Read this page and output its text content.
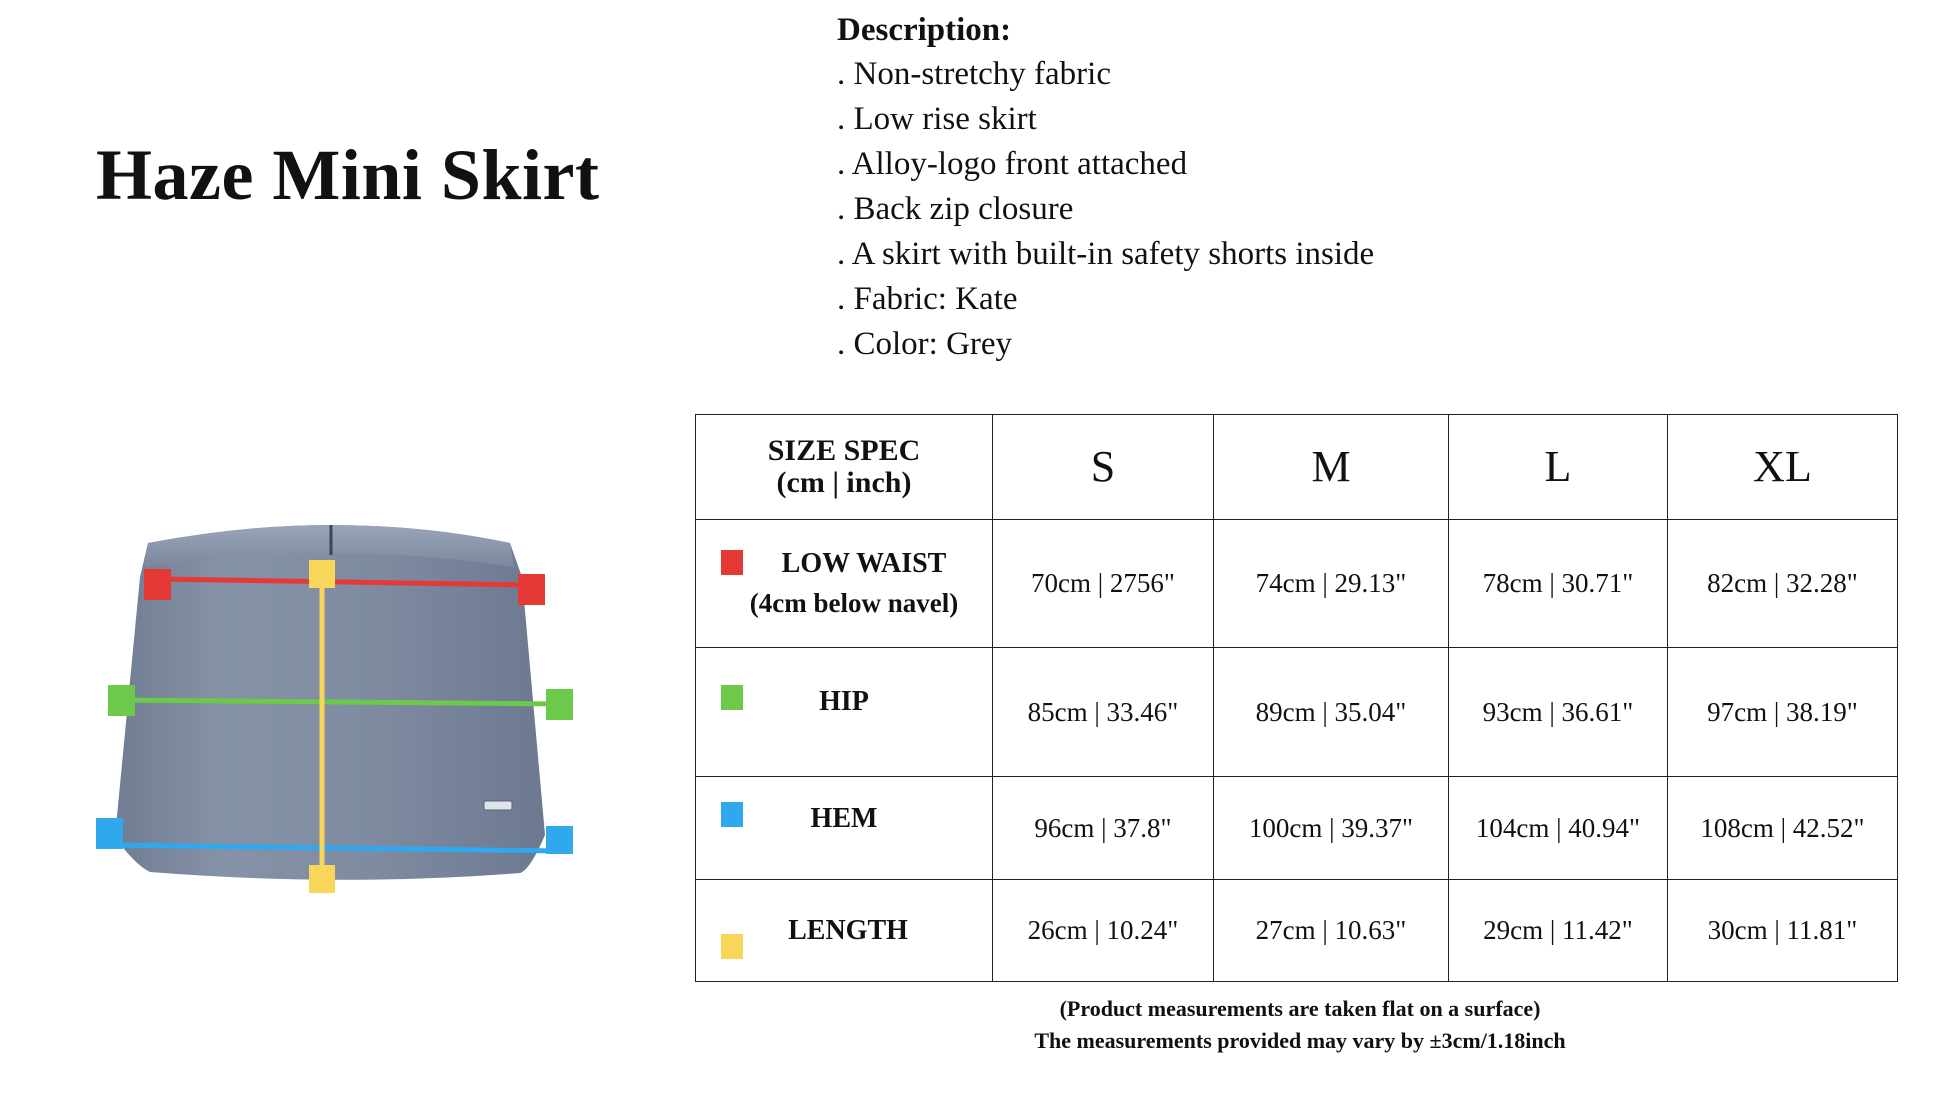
Haze Mini Skirt
Description:
. Non-stretchy fabric
. Low rise skirt
. Alloy-logo front attached
. Back zip closure
. A skirt with built-in safety shorts inside
. Fabric: Kate
. Color: Grey
SIZE SPEC
(cm | inch)	S	M	L	XL

LOW WAIST
(4cm below navel)	70cm | 2756"	74cm | 29.13"	78cm | 30.71"	82cm | 32.28"

HIP	85cm | 33.46"	89cm | 35.04"	93cm | 36.61"	97cm | 38.19"

HEM	96cm | 37.8"	100cm | 39.37"	104cm | 40.94"	108cm | 42.52"

LENGTH	26cm | 10.24"	27cm | 10.63"	29cm | 11.42"	30cm | 11.81"
(Product measurements are taken flat on a surface)
The measurements provided may vary by ±3cm/1.18inch
